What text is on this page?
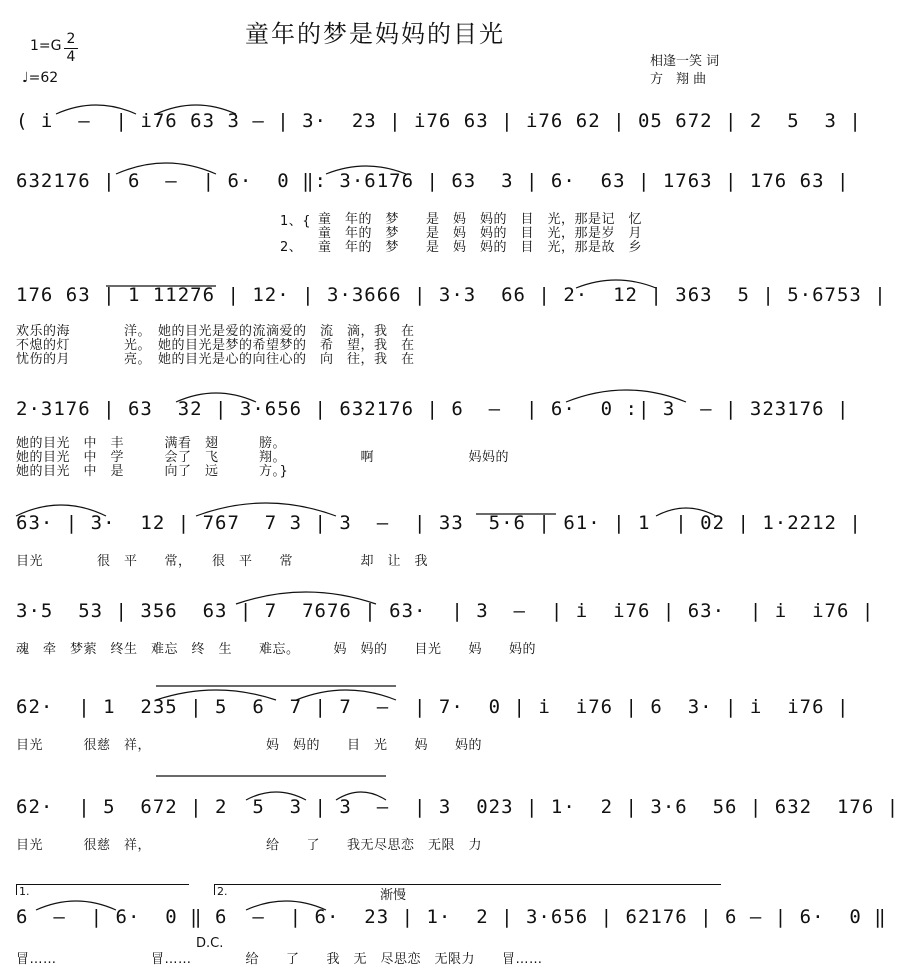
童年的梦是妈妈的目光
1=G 2
4
♩=62
相逢一笑 词
方　翔 曲
( i  –  | i76 63 3 – | 3·  23 | i76 63 | i76 62 | 05 672 | 2  5  3 |
632176 | 6  –  | 6·  0 ‖: 3·6176 | 63  3 | 6·  63 | 1763 | 176 63 |
1、{
2、
童　年的　梦　　是　妈　妈的　目　光，那是记　忆
童　年的　梦　　是　妈　妈的　目　光，那是岁　月
童　年的　梦　　是　妈　妈的　目　光，那是故　乡
176 63 | 1 11276 | 12· | 3·3666 | 3·3  66 | 2·  12 | 363  5 | 5·6753 |
欢乐的海　　　　洋。　她的目光是爱的流滴爱的　流　滴，我　在
不熄的灯　　　　光。　她的目光是梦的希望梦的　希　望，我　在
忧伤的月　　　　亮。　她的目光是心的向往心的　向　往，我　在
2·3176 | 63  32 | 3·656 | 632176 | 6  –  | 6·  0 :| 3  – | 323176 |
她的目光　中　丰　　　满看　翅　　　膀。
她的目光　中　学　　　会了　飞　　　翔。　　　　　　啊　　　　　　　妈妈的
她的目光　中　是　　　向了　远　　　方。}
63· | 3·  12 | 767  7 3 | 3  –  | 33  5·6 | 61· | 1  | 02 | 1·2212 |
目光　　　　很　平　　常，　　很　平　　常　　　　　却　让　我
3·5  53 | 356  63 | 7  7676 | 63·  | 3  –  | i  i76 | 63·  | i  i76 |
魂　牵　梦萦　终生　难忘　终　生　　难忘。　　　妈　妈的　　目光　　妈　　妈的
62·  | 1  235 | 5  6  7 | 7  –  | 7·  0 | i  i76 | 6  3· | i  i76 |
目光　　　很慈　祥，　　　　　　　　　妈　妈的　　目　光　　妈　　妈的
62·  | 5  672 | 2  5  3 | 3  –  | 3  023 | 1·  2 | 3·6  56 | 632  176 |
目光　　　很慈　祥，　　　　　　　　　给　　了　　我无尽思恋　无限　力
1.	2.	渐慢
6  –  | 6·  0 ‖ 6  –  | 6·  23 | 1·  2 | 3·656 | 62176 | 6 – | 6·  0 ‖
D.C.
冒……　　　　　　　冒……　　　　给　　了　　我　无　尽思恋　无限力　　冒……
